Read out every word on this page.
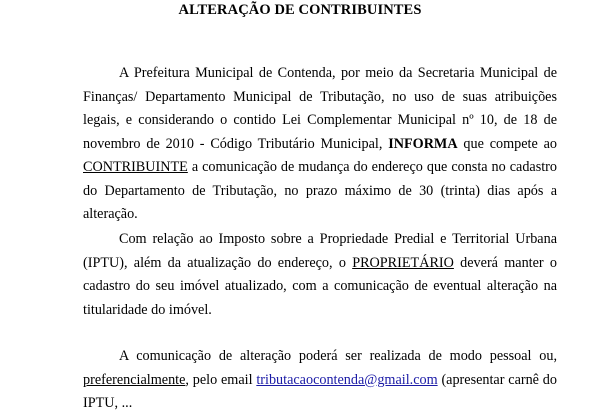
ALTERAÇÃO DE CONTRIBUINTES
A Prefeitura Municipal de Contenda, por meio da Secretaria Municipal de Finanças/ Departamento Municipal de Tributação, no uso de suas atribuições legais, e considerando o contido Lei Complementar Municipal nº 10, de 18 de novembro de 2010 - Código Tributário Municipal, INFORMA que compete ao CONTRIBUINTE a comunicação de mudança do endereço que consta no cadastro do Departamento de Tributação, no prazo máximo de 30 (trinta) dias após a alteração.
Com relação ao Imposto sobre a Propriedade Predial e Territorial Urbana (IPTU), além da atualização do endereço, o PROPRIETÁRIO deverá manter o cadastro do seu imóvel atualizado, com a comunicação de eventual alteração na titularidade do imóvel.
A comunicação de alteração poderá ser realizada de modo pessoal ou, preferencialmente, pelo email tributacaocontenda@gmail.com (apresentar carnê do IPTU, ...
